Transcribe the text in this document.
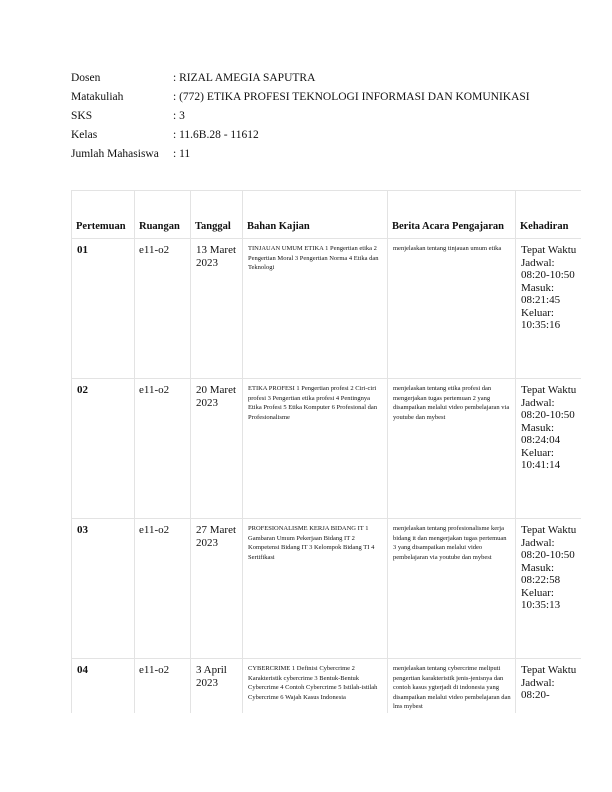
Dosen	: RIZAL AMEGIA SAPUTRA
Matakuliah	: (772) ETIKA PROFESI TEKNOLOGI INFORMASI DAN KOMUNIKASI
SKS	: 3
Kelas	: 11.6B.28 - 11612
Jumlah Mahasiswa	: 11
Pertemuan	Ruangan	Tanggal	Bahan Kajian	Berita Acara Pengajaran	Kehadiran
01	e11-o2	13 Maret 2023	TINJAUAN UMUM ETIKA 1 Pengertian etika 2 Pengertian Moral 3 Pengertian Norma 4 Etika dan Teknologi	menjelaskan tentang tinjauan umum etika	Tepat Waktu Jadwal: 08:20-10:50 Masuk: 08:21:45 Keluar: 10:35:16
02	e11-o2	20 Maret 2023	ETIKA PROFESI 1 Pengertian profesi 2 Ciri-ciri profesi 3 Pengertian etika profesi 4 Pentingnya Etika Profesi 5 Etika Komputer 6 Profesional dan Profesionalisme	menjelaskan tentang etika profesi dan mengerjakan tugas pertemuan 2 yang disampaikan melalui video pembelajaran via youtube dan mybest	Tepat Waktu Jadwal: 08:20-10:50 Masuk: 08:24:04 Keluar: 10:41:14
03	e11-o2	27 Maret 2023	PROFESIONALISME KERJA BIDANG IT 1 Gambaran Umum Pekerjaan Bidang IT 2 Kompetensi Bidang IT 3 Kelompok Bidang TI 4 Sertifikasi	menjelaskan tentang profesionalisme kerja bidang it dan mengerjakan tugas pertemuan 3 yang disampaikan melalui video pembelajaran via youtube dan mybest	Tepat Waktu Jadwal: 08:20-10:50 Masuk: 08:22:58 Keluar: 10:35:13
04	e11-o2	3 April 2023	CYBERCRIME 1 Definisi Cybercrime 2 Karakteristik cybercrime 3 Bentuk-Bentuk Cybercrime 4 Contoh Cybercrime 5 Istilah-istilah Cybercrime 6 Wajah Kasus Indonesia	menjelaskan tentang cybercrime meliputi pengertian karakteristik jenis-jenisnya dan contoh kasus ygterjadi di indonesia yang disampaikan melalui video pembelajaran dan lms mybest	Tepat Waktu Jadwal: 08:20-
